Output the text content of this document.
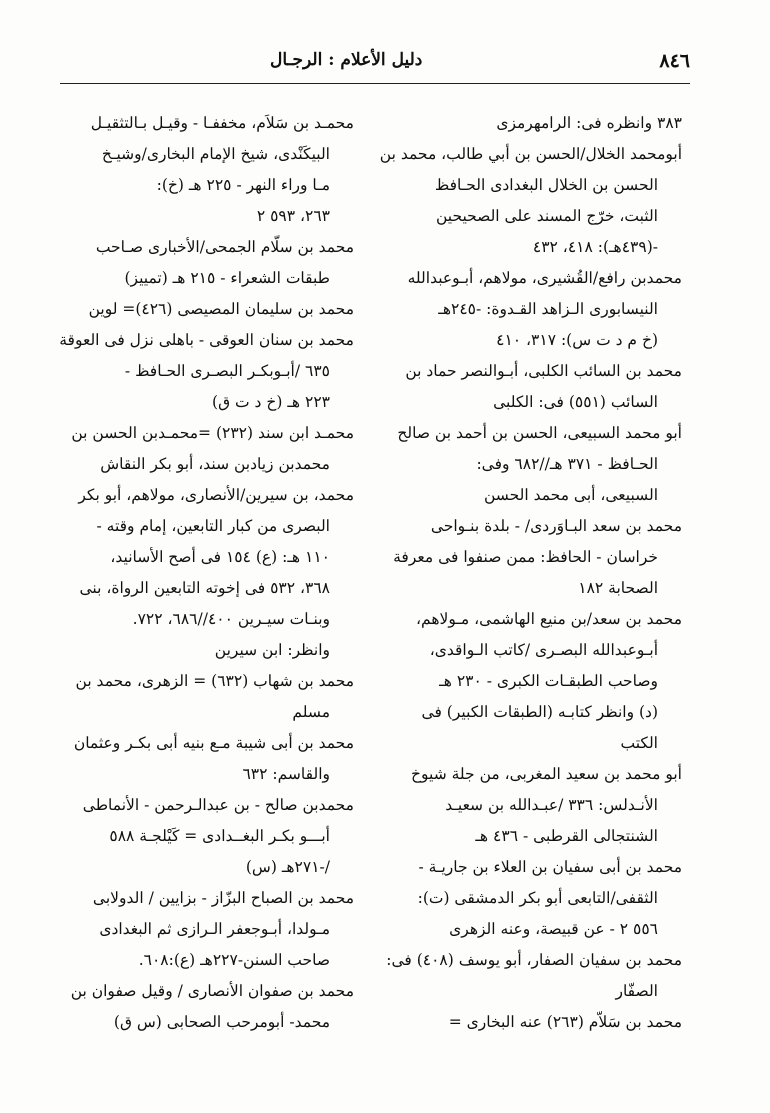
٨٤٦
دليل الأعلام : الرجـال
٣٨٣ وانظره فى: الرامهرمزى
أبومحمد الخلال/الحسن بن أبي طالب، محمد بن
الحسن بن الخلال البغدادى الحـافظ
الثبت، خرّج المسند على الصحيحين
-(٤٣٩هـ): ٤١٨، ٤٣٢
محمدبن رافع/القُشيرى، مولاهم، أبـوعبدالله
النيسابورى الـزاهد القـدوة: -٢٤٥هـ
(خ م د ت س): ٣١٧، ٤١٠
محمد بن السائب الكلبى، أبـوالنصر حماد بن
السائب (٥٥١) فى: الكلبى
أبو محمد السبيعى، الحسن بن أحمد بن صالح
الحـافظ - ٣٧١ هـ//٦٨٢ وفى:
السبيعى، أبى محمد الحسن
محمد بن سعد البـاوَردى/ - بلدة بنـواحى
خراسان - الحافظ: ممن صنفوا فى معرفة
الصحابة ١٨٢
محمد بن سعد/بن منيع الهاشمى، مـولاهم،
أبـوعبدالله البصـرى /كاتب الـواقدى،
وصاحب الطبقـات الكبرى - ٢٣٠ هـ
(د) وانظر كتابـه (الطبقات الكبير) فى
الكتب
أبو محمد بن سعيد المغربى، من جلة شيوخ
الأنـدلس: ٣٣٦ /عبـدالله بن سعيـد
الشنتجالى القرطبى - ٤٣٦ هـ
محمد بن أبى سفيان بن العلاء بن جاريـة -
الثقفى/التابعى أبو بكر الدمشقى (ت):
٥٥٦ ٢ - عن قبيصة، وعنه الزهرى
محمد بن سفيان الصفار، أبو يوسف (٤٠٨) فى:
الصفّار
محمد بن سَلاّم (٢٦٣) عنه البخارى =
محمـد بن سَلاَم، مخففـا - وقيـل بـالتثقيـل
البيكَنْدى، شيخ الإمام البخارى/وشيـخ
مـا وراء النهر - ٢٢٥ هـ (خ):
٢٦٣، ٥٩٣ ٢
محمد بن سلّام الجمحى/الأخبارى صـاحب
طبقات الشعراء - ٢١٥ هـ (تمييز)
محمد بن سليمان المصيصى (٤٢٦)= لوين
محمد بن سنان العوقى - باهلى نزل فى العوقة
٦٣٥ /أبـوبكـر البصـرى الحـافظ -
٢٢٣ هـ (خ د ت ق)
محمـد ابن سند (٢٣٢) =محمـدبن الحسن بن
محمدبن زيادبن سند، أبو بكر النقاش
محمد، بن سيرين/الأنصارى، مولاهم، أبو بكر
البصرى من كبار التابعين، إمام وقته -
١١٠ هـ: (ع) ١٥٤ فى أصح الأسانيد،
٣٦٨، ٥٣٢ فى إخوته التابعين الرواة، بنى
وبنـات سيـرين ٤٠٠//٦٨٦، ٧٢٢.
وانظر: ابن سيرين
محمد بن شهاب (٦٣٢) = الزهرى، محمد بن
مسلم
محمد بن أبى شيبة مـع بنيه أبى بكـر وعثمان
والقاسم: ٦٣٢
محمدبن صالح - بن عبدالـرحمن - الأنماطى
أبـــو بكـر البغــدادى = كَيْلجـة ٥٨٨
/-٢٧١هـ (س)
محمد بن الصباح البزّاز - بزايين / الدولابى
مـولدا، أبـوجعفر الـرازى ثم البغدادى
صاحب السنن-٢٢٧هـ (ع):٦٠٨.
محمد بن صفوان الأنصارى / وقيل صفوان بن
محمد- أبومرحب الصحابى (س ق)
